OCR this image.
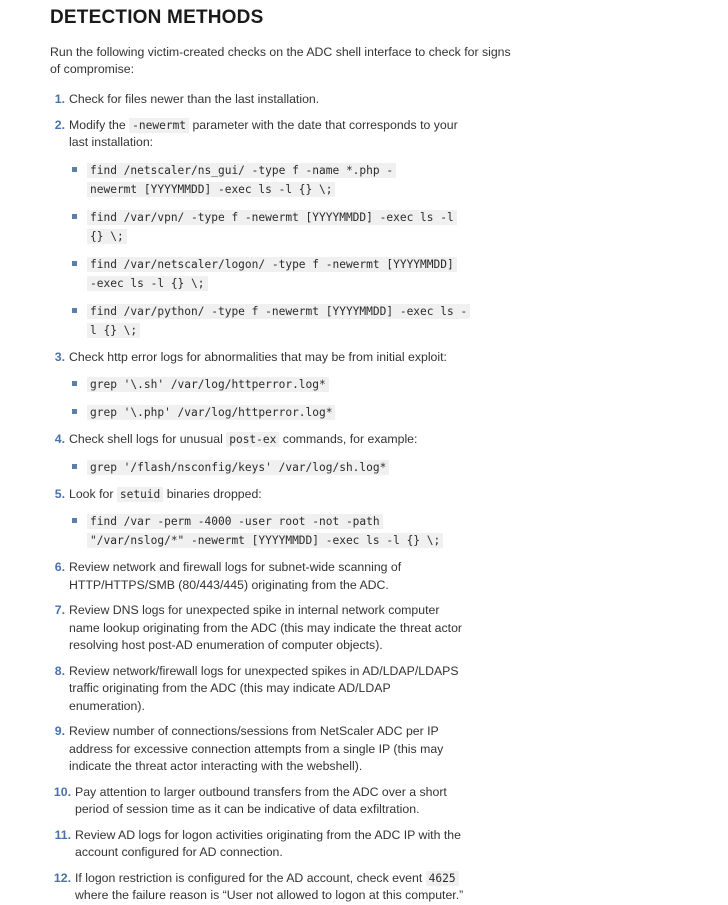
DETECTION METHODS

Run the following victim-created checks on the ADC shell interface to check for signs of compromise:

1. Check for files newer than the last installation.
2. Modify the -newermt parameter with the date that corresponds to your last installation:
find /netscaler/ns_gui/ -type f -name *.php -newermt [YYYYMMDD] -exec ls -l {} \;
find /var/vpn/ -type f -newermt [YYYYMMDD] -exec ls -l {} \;
find /var/netscaler/logon/ -type f -newermt [YYYYMMDD] -exec ls -l {} \;
find /var/python/ -type f -newermt [YYYYMMDD] -exec ls -l {} \;
3. Check http error logs for abnormalities that may be from initial exploit:
grep '\.sh' /var/log/httperror.log*
grep '\.php' /var/log/httperror.log*
4. Check shell logs for unusual post-ex commands, for example:
grep '/flash/nsconfig/keys' /var/log/sh.log*
5. Look for setuid binaries dropped:
find /var -perm -4000 -user root -not -path "/var/nslog/*" -newermt [YYYYMMDD] -exec ls -l {} \;
6. Review network and firewall logs for subnet-wide scanning of HTTP/HTTPS/SMB (80/443/445) originating from the ADC.
7. Review DNS logs for unexpected spike in internal network computer name lookup originating from the ADC (this may indicate the threat actor resolving host post-AD enumeration of computer objects).
8. Review network/firewall logs for unexpected spikes in AD/LDAP/LDAPS traffic originating from the ADC (this may indicate AD/LDAP enumeration).
9. Review number of connections/sessions from NetScaler ADC per IP address for excessive connection attempts from a single IP (this may indicate the threat actor interacting with the webshell).
10. Pay attention to larger outbound transfers from the ADC over a short period of session time as it can be indicative of data exfiltration.
11. Review AD logs for logon activities originating from the ADC IP with the account configured for AD connection.
12. If logon restriction is configured for the AD account, check event 4625 where the failure reason is “User not allowed to logon at this computer.”
